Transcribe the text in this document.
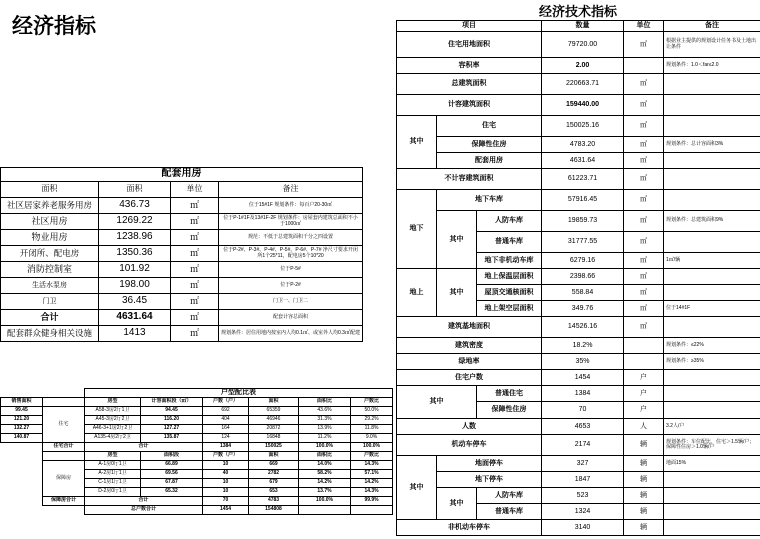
经济指标
经济技术指标
项目			数量	单位	备注
住宅用地面积			79720.00	㎡	根据业主提供的规划设计任务书及土地出让条件
容积率			2.00		规划条件：1.0＜far≤2.0
总建筑面积			220663.71	㎡	
计容建筑面积			159440.00	㎡	
其中	住宅		150025.16	㎡	
	保障性住房		4783.20	㎡	规划条件：总计容面积3%
	配套用房		4631.64	㎡	
不计容建筑面积			61223.71	㎡	
地下	地下车库		57916.45	㎡	
	其中	人防车库	19859.73	㎡	规划条件：总建筑面积9%
		普通车库	31777.55	㎡	
		地下非机动车库	6279.16	㎡	1㎡/辆
地上	其中	地上保温层面积	2398.66	㎡	
		屋顶交通核面积	558.84	㎡	
		地上架空层面积	349.76	㎡	位于14#1F
建筑基地面积			14526.16	㎡	
建筑密度			18.2%		规划条件：≤22%
绿地率			35%		规划条件：≥35%
住宅户数			1454	户	
其中		普通住宅	1384	户	
		保障性住房	70	户	
人数			4653	人	3.2人/户
机动车停车			2174	辆	规划条件：车位配比，住宅＞1.5辆/户；保障性住房＞1.0辆/户
其中	地面停车		327	辆	地面15%
	地下停车		1847	辆	
	其中	人防车库	523	辆	
		普通车库	1324	辆	
非机动车停车			3140	辆	
配套用房			
面积	面积	单位	备注
社区居家养老服务用房	436.73	㎡	位于15#1F 规划条件：每百户20-30㎡
社区用房	1269.22	㎡	位于P-1#1F及13#1F-2F 规划条件：房屋套内建筑总面积不小于1000㎡
物业用房	1238.96	㎡	规范：不低于总建筑面积千分之四设置
开闭所、配电房	1350.36	㎡	位于P-2#、P-3#、P-4#、P-5#、P-6#、P-7# 净尺寸要求开闭所1个25*11，配电房5个10*20
消防控制室	101.92	㎡	位于P-5#
生活水泵房	198.00	㎡	位于P-2#
门卫	36.45	㎡	门卫一、门卫二
合计	4631.64	㎡	配套计容总面积
配套群众健身相关设施	1413	㎡	规划条件：居住用地内按室内人均0.1㎡、或室外人均0.3㎡配建
		户型配比表					
销售面积		房型	计容面积段（㎡）	户数（户）	面积	面积比	户数比
99.45	住宅	A58-3房2厅1卫	94.45	692	65359	43.6%	50.0%
121.20		A45-3房2厅2卫	116.20	404	46946	31.3%	29.2%
132.27		A46-3+1房2厅2卫	127.27	164	20872	13.9%	11.8%
140.87		A135-4房2厅2卫	135.87	124	16848	11.2%	9.0%
	住宅合计	合计		1384	150025	100.0%	100.0%
		房型	面积段	户数（户）	面积	面积比	户数比
	保障房	A-1房0厅1卫	66.89	10	669	14.0%	14.3%
		A-2房1厅1卫	69.56	40	2782	58.2%	57.1%
		C-1房1厅1卫	67.87	10	679	14.2%	14.2%
		D-2房0厅1卫	65.32	10	653	13.7%	14.3%
	保障房合计	合计		70	4783	100.0%	99.9%
		总户数合计		1454	154808		
